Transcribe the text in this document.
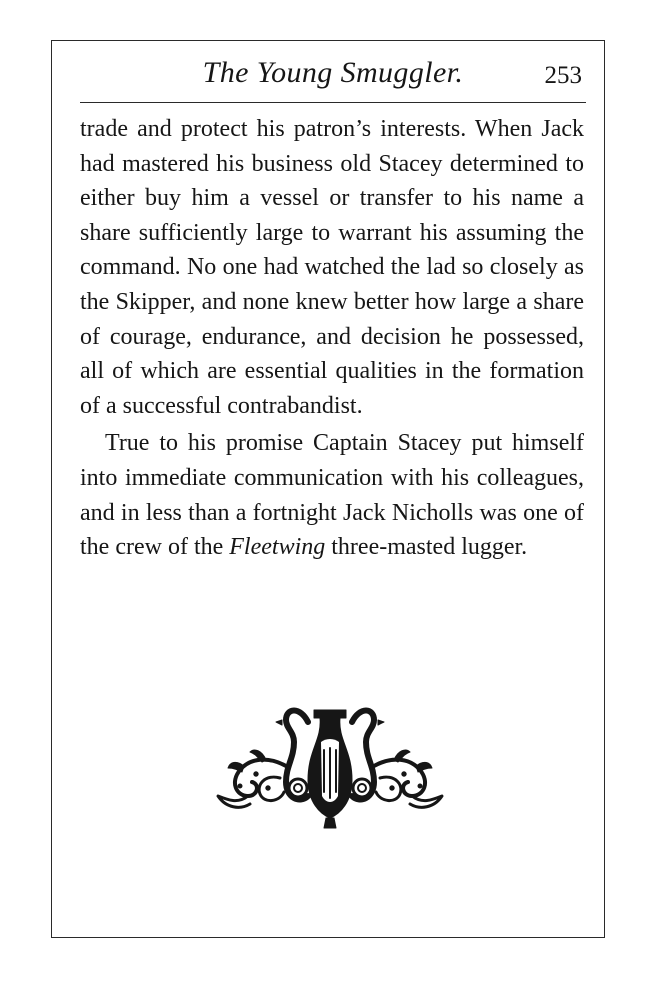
The Young Smuggler.	253

trade and protect his patron’s interests. When Jack had mastered his business old Stacey determined to either buy him a vessel or transfer to his name a share sufficiently large to warrant his assuming the command. No one had watched the lad so closely as the Skipper, and none knew better how large a share of courage, endurance, and decision he possessed, all of which are essential qualities in the formation of a successful contrabandist.

True to his promise Captain Stacey put himself into immediate communication with his colleagues, and in less than a fortnight Jack Nicholls was one of the crew of the Fleetwing three-masted lugger.
